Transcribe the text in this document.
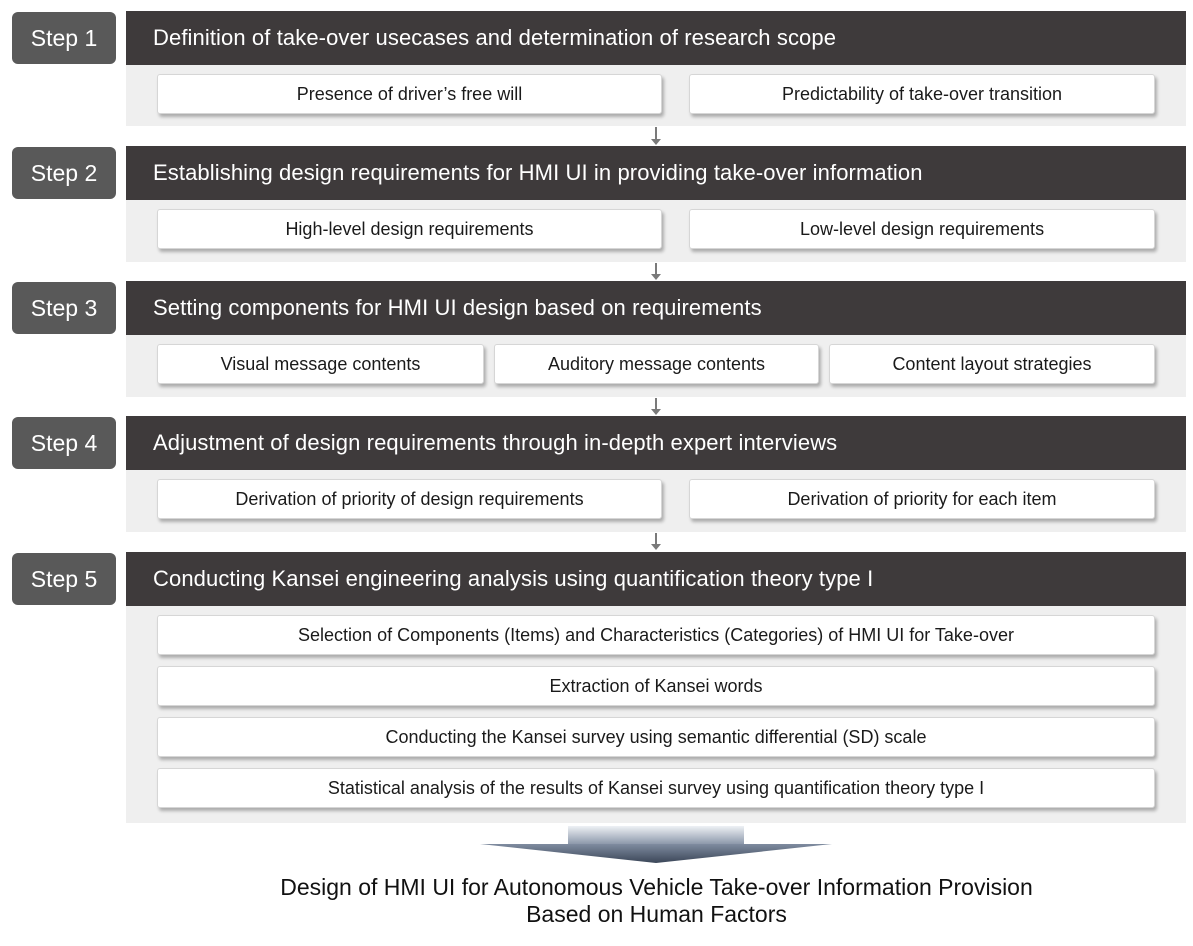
Step 1	Definition of take-over usecases and determination of research scope
Presence of driver’s free will	Predictability of take-over transition
Step 2	Establishing design requirements for HMI UI in providing take-over information
High-level design requirements	Low-level design requirements
Step 3	Setting components for HMI UI design based on requirements
Visual message contents	Auditory message contents	Content layout strategies
Step 4	Adjustment of design requirements through in-depth expert interviews
Derivation of priority of design requirements	Derivation of priority for each item
Step 5	Conducting Kansei engineering analysis using quantification theory type I
Selection of Components (Items) and Characteristics (Categories) of HMI UI for Take-over
Extraction of Kansei words
Conducting the Kansei survey using semantic differential (SD) scale
Statistical analysis of the results of Kansei survey using quantification theory type I
Design of HMI UI for Autonomous Vehicle Take-over Information Provision
Based on Human Factors
